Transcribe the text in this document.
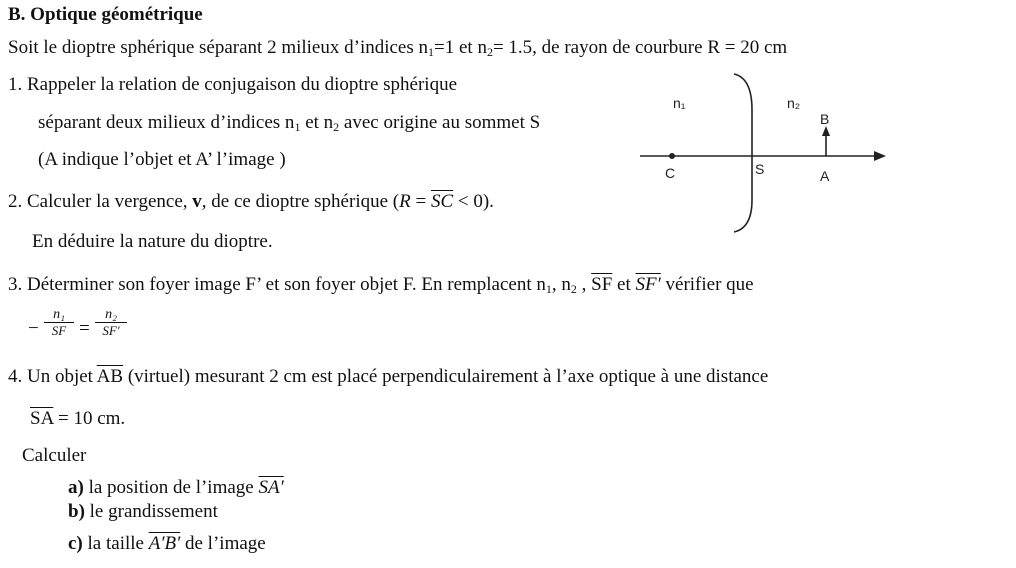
B. Optique géométrique
Soit le dioptre sphérique séparant 2 milieux d’indices $n_1=1$ et $n_2= 1.5$, de rayon de courbure R = 20 cm
1. Rappeler la relation de conjugaison du dioptre sphérique
séparant deux milieux d’indices $n_1$ et $n_2$ avec origine au sommet S
(A indique l’objet et A’ l’image )
2. Calculer la vergence, v, de ce dioptre sphérique $(R = \overline{SC} < 0)$.
En déduire la nature du dioptre.
3. Déterminer son foyer image F’ et son foyer objet F. En remplacent $n_1$, $n_2$ , $\overline{SF}$ et SF′ vérifier que
− $\frac{\text{n₁}}{SF} = \frac{\text{n₂}}{SF'}$
4. Un objet $\overline{AB}$ (virtuel) mesurant 2 cm est placé perpendiculairement à l’axe optique à une distance
$\overline{SA} = 10$ cm.
Calculer
a) la position de l’image SA′
b) le grandissement
c) la taille A′B′ de l’image
n₁	n₂
B
C	S	A
